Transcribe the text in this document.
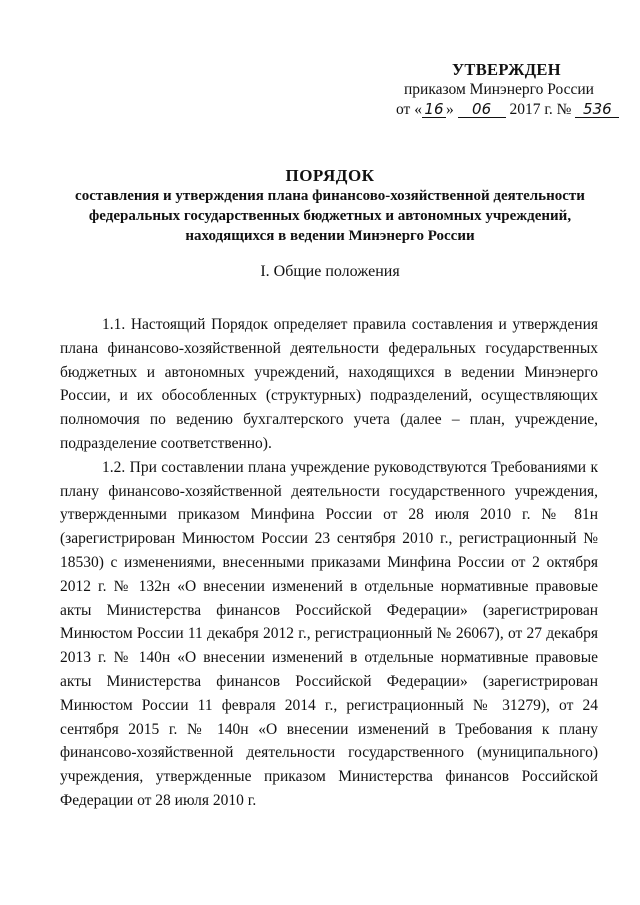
УТВЕРЖДЕН
приказом Минэнерго России
от « 16 » 06 2017 г. № 536
ПОРЯДОК
составления и утверждения плана финансово-хозяйственной деятельности
федеральных государственных бюджетных и автономных учреждений,
находящихся в ведении Минэнерго России
I. Общие положения

1.1. Настоящий Порядок определяет правила составления и утверждения плана финансово-хозяйственной деятельности федеральных государственных бюджетных и автономных учреждений, находящихся в ведении Минэнерго России, и их обособленных (структурных) подразделений, осуществляющих полномочия по ведению бухгалтерского учета (далее – план, учреждение, подразделение соответственно).

1.2. При составлении плана учреждение руководствуются Требованиями к плану финансово-хозяйственной деятельности государственного учреждения, утвержденными приказом Минфина России от 28 июля 2010 г. № 81н (зарегистрирован Минюстом России 23 сентября 2010 г., регистрационный № 18530) с изменениями, внесенными приказами Минфина России от 2 октября 2012 г. № 132н «О внесении изменений в отдельные нормативные правовые акты Министерства финансов Российской Федерации» (зарегистрирован Минюстом России 11 декабря 2012 г., регистрационный № 26067), от 27 декабря 2013 г. № 140н «О внесении изменений в отдельные нормативные правовые акты Министерства финансов Российской Федерации» (зарегистрирован Минюстом России 11 февраля 2014 г., регистрационный № 31279), от 24 сентября 2015 г. № 140н «О внесении изменений в Требования к плану финансово-хозяйственной деятельности государственного (муниципального) учреждения, утвержденные приказом Министерства финансов Российской Федерации от 28 июля 2010 г.
